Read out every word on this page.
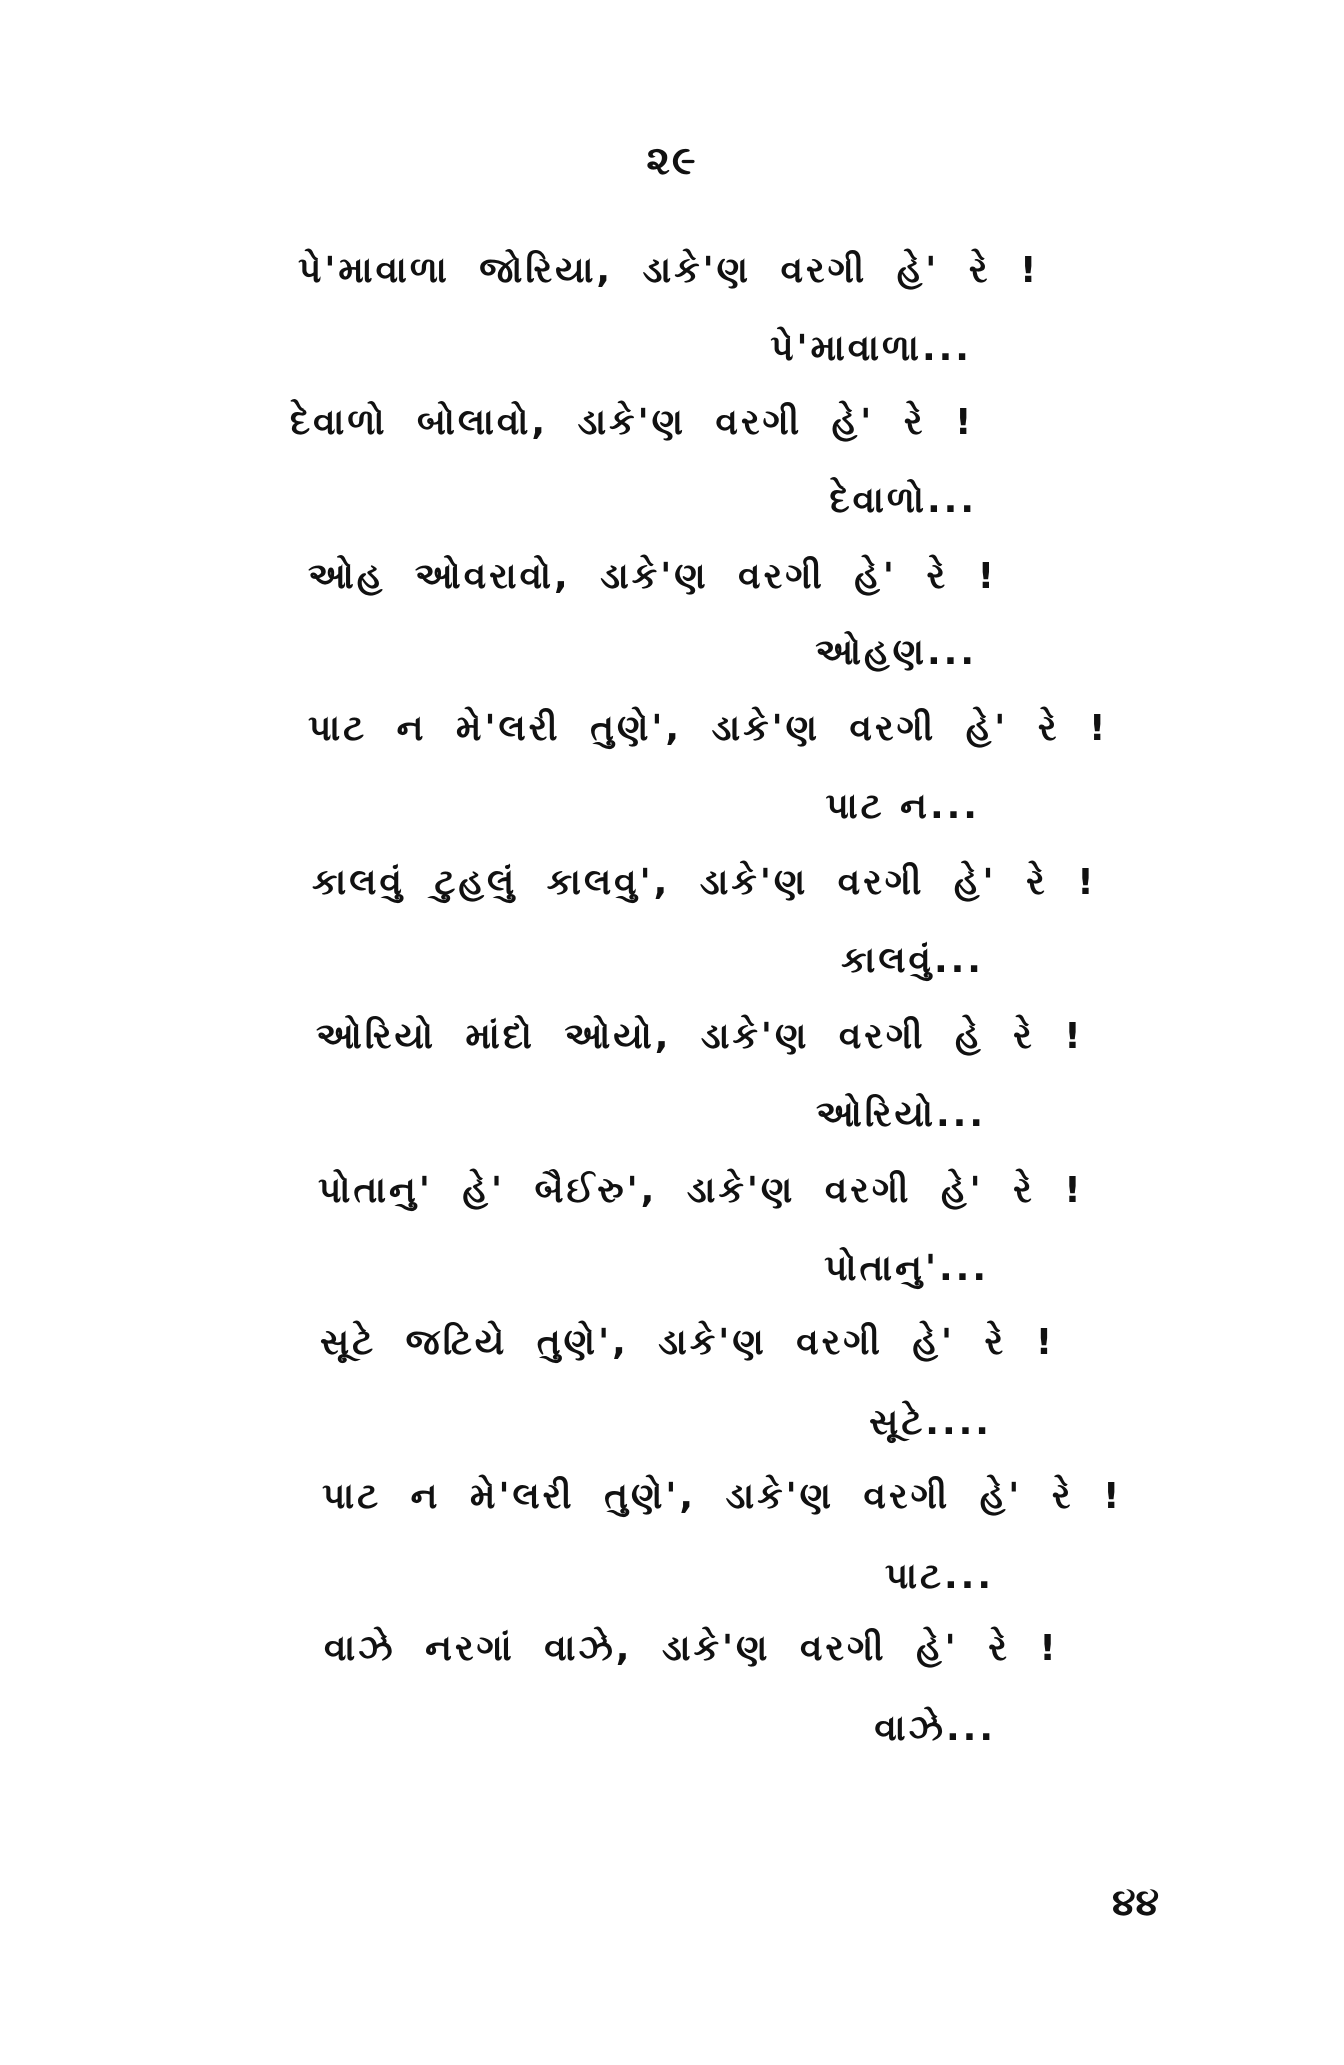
૨૯
પે'માવાળા જોરિયા, ડાકે'ણ વરગી હે' રે !
પે'માવાળા...
દેવાળો બોલાવો, ડાકે'ણ વરગી હે' રે !
દેવાળો...
ઓહ ઓવરાવો, ડાકે'ણ વરગી હે' રે !
ઓહણ...
પાટ ન મે'લરી તુણે', ડાકે'ણ વરગી હે' રે !
પાટ ન...
કાલવું ટુહલું કાલવુ', ડાકે'ણ વરગી હે' રે !
કાલવું...
ઓરિયો માંદો ઓયો, ડાકે'ણ વરગી હે રે !
ઓરિયો...
પોતાનુ' હે' બૈઈરુ', ડાકે'ણ વરગી હે' રે !
પોતાનુ'...
સૂટે જટિયે તુણે', ડાકે'ણ વરગી હે' રે !
સૂટે....
પાટ ન મે'લરી તુણે', ડાકે'ણ વરગી હે' રે !
પાટ...
વાઝે નરગાં વાઝે, ડાકે'ણ વરગી હે' રે !
વાઝે...
૪૪
